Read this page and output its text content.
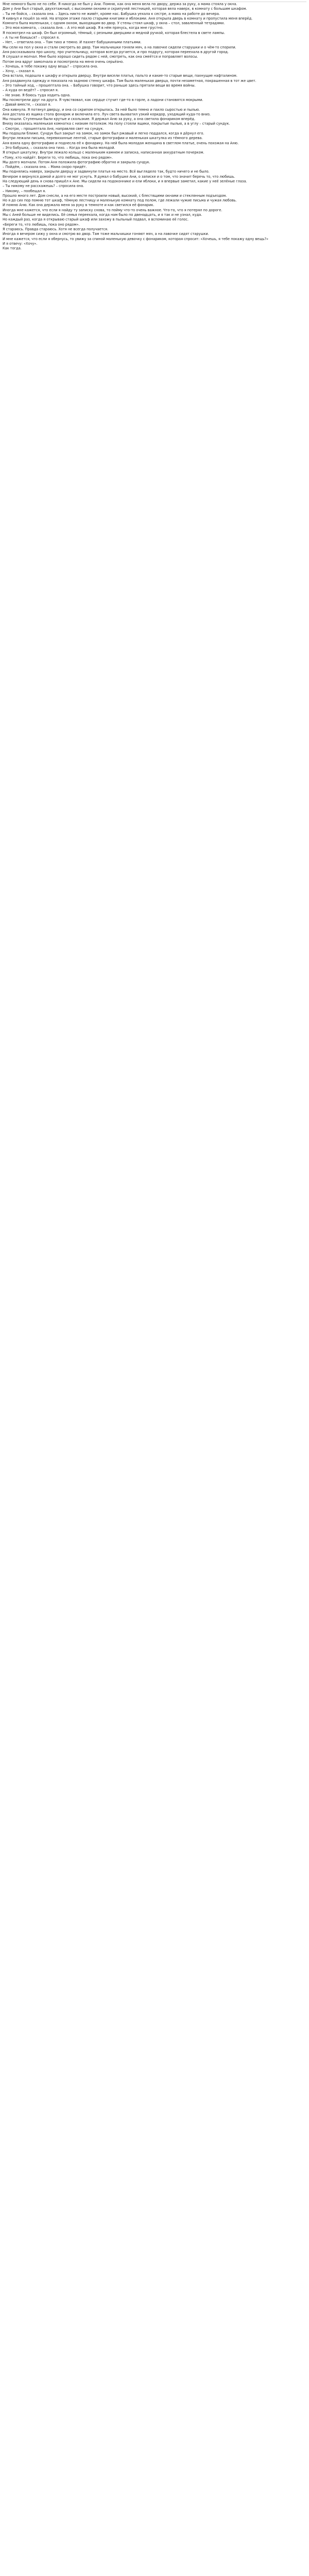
Мне немного было не по себе. Я никогда не был у Ани. Помню, как она меня вела по двору, держа за руку, а мама стояла у окна.

Дом у Ани был старый, двухэтажный, с высокими окнами и скрипучей лестницей, которая вела наверх, в комнату с большим шкафом.

– Ты не бойся, – сказала она. – Здесь никто не живёт, кроме нас. Бабушка уехала к сестре, а мама на работе до вечера.

Я кивнул и пошёл за ней. На втором этаже пахло старыми книгами и яблоками. Аня открыла дверь в комнату и пропустила меня вперёд.

Комната была маленькая, с одним окном, выходящим во двор. У стены стоял шкаф, у окна – стол, заваленный тетрадями.

– Это моя комната, – сказала Аня. – А это мой шкаф. Я в нём прячусь, когда мне грустно.

Я посмотрел на шкаф. Он был огромный, тёмный, с резными дверцами и медной ручкой, которая блестела в свете лампы.

– А ты не боишься? – спросил я.

– Нет, – ответила она. – Там тихо и темно. И пахнет бабушкиными платьями.

Мы сели на пол у окна и стали смотреть во двор. Там мальчишки гоняли мяч, а на лавочке сидели старушки и о чём-то спорили.

Аня рассказывала про школу, про учительницу, которая всегда ругается, и про подругу, которая переехала в другой город.

Я слушал и молчал. Мне было хорошо сидеть рядом с ней, смотреть, как она смеётся и поправляет волосы.

Потом она вдруг замолчала и посмотрела на меня очень серьёзно.

– Хочешь, я тебе покажу одну вещь? – спросила она.

– Хочу, – сказал я.

Она встала, подошла к шкафу и открыла дверцу. Внутри висели платья, пальто и какие-то старые вещи, пахнущие нафталином.

Аня раздвинула одежду и показала на заднюю стенку шкафа. Там была маленькая дверца, почти незаметная, покрашенная в тот же цвет.

– Это тайный ход, – прошептала она. – Бабушка говорит, что раньше здесь прятали вещи во время войны.

– А куда он ведёт? – спросил я.

– Не знаю. Я боюсь туда ходить одна.

Мы посмотрели друг на друга. Я чувствовал, как сердце стучит где-то в горле, а ладони становятся мокрыми.

– Давай вместе, – сказал я.

Она кивнула. Я потянул дверцу, и она со скрипом открылась. За ней было темно и пахло сыростью и пылью.

Аня достала из ящика стола фонарик и включила его. Луч света выхватил узкий коридор, уходящий куда-то вниз.

Мы пошли. Ступеньки были крутые и скользкие. Я держал Аню за руку, а она светила фонариком вперёд.

Внизу оказалась маленькая комнатка с низким потолком. На полу стояли ящики, покрытые пылью, а в углу – старый сундук.

– Смотри, – прошептала Аня, направляя свет на сундук.

Мы подошли ближе. Сундук был закрыт на замок, но замок был ржавый и легко поддался, когда я дёрнул его.

Внутри лежали письма, перевязанные лентой, старые фотографии и маленькая шкатулка из тёмного дерева.

Аня взяла одну фотографию и поднесла её к фонарику. На ней была молодая женщина в светлом платье, очень похожая на Аню.

– Это бабушка, – сказала она тихо. – Когда она была молодой.

Я открыл шкатулку. Внутри лежало кольцо с маленьким камнем и записка, написанная аккуратным почерком.

«Тому, кто найдёт. Береги то, что любишь, пока оно рядом».

Мы долго молчали. Потом Аня положила фотографию обратно и закрыла сундук.

– Пойдём, – сказала она. – Мама скоро придёт.

Мы поднялись наверх, закрыли дверцу и задвинули платья на место. Всё выглядело так, будто ничего и не было.

Вечером я вернулся домой и долго не мог уснуть. Я думал о бабушке Ани, о записке и о том, что значит беречь то, что любишь.

На следующий день я снова пришёл к Ане. Мы сидели на подоконнике и ели яблоки, и я впервые заметил, какие у неё зелёные глаза.

– Ты никому не расскажешь? – спросила она.

– Никому, – пообещал я.

Прошло много лет. Дом снесли, а на его месте построили новый, высокий, с блестящими окнами и стеклянным подъездом.

Но я до сих пор помню тот шкаф, тёмную лестницу и маленькую комнату под полом, где лежали чужие письма и чужая любовь.

И помню Аню. Как она держала меня за руку в темноте и как светился её фонарик.

Иногда мне кажется, что если я найду ту записку снова, то пойму что-то очень важное. Что-то, что я потерял по дороге.

Мы с Аней больше не виделись. Её семья переехала, когда нам было по двенадцать, и я так и не узнал, куда.

Но каждый раз, когда я открываю старый шкаф или захожу в пыльный подвал, я вспоминаю её голос.

«Береги то, что любишь, пока оно рядом».

Я стараюсь. Правда стараюсь. Хотя не всегда получается.

Иногда я вечером сижу у окна и смотрю во двор. Там тоже мальчишки гоняют мяч, а на лавочке сидят старушки.

И мне кажется, что если я обернусь, то увижу за спиной маленькую девочку с фонариком, которая спросит: «Хочешь, я тебе покажу одну вещь?»

И я отвечу: «Хочу».

Как тогда.
